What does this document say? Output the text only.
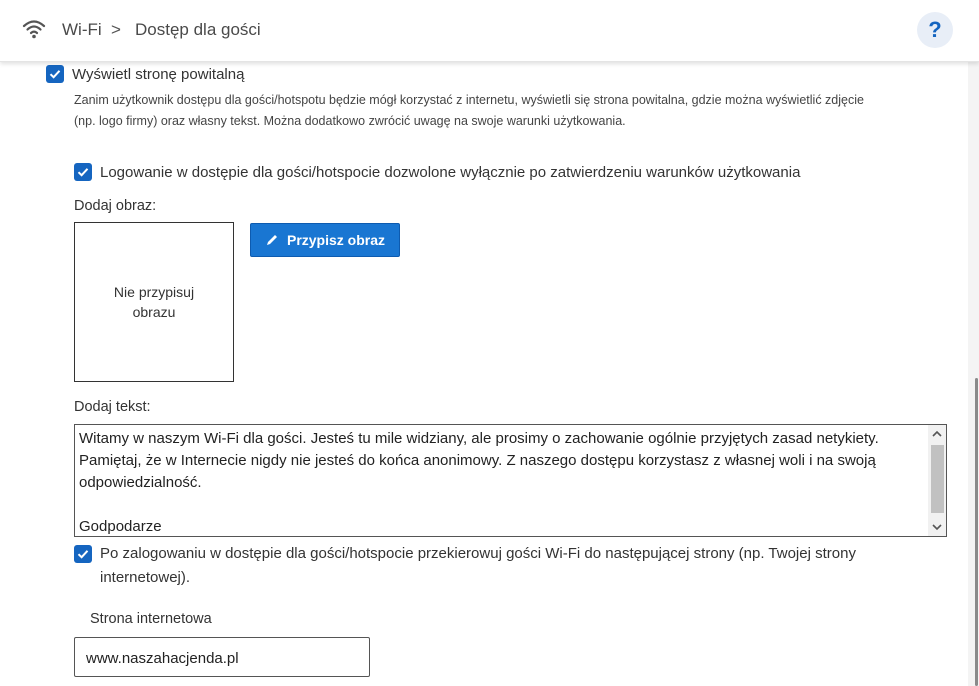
Wi-Fi > Dostęp dla gości	?
Wyświetl stronę powitalną
Zanim użytkownik dostępu dla gości/hotspotu będzie mógł korzystać z internetu, wyświetli się strona powitalna, gdzie można wyświetlić zdjęcie
(np. logo firmy) oraz własny tekst. Można dodatkowo zwrócić uwagę na swoje warunki użytkowania.
Logowanie w dostępie dla gości/hotspocie dozwolone wyłącznie po zatwierdzeniu warunków użytkowania
Dodaj obraz:
Nie przypisuj obrazu
Przypisz obraz
Dodaj tekst:
Witamy w naszym Wi-Fi dla gości. Jesteś tu mile widziany, ale prosimy o zachowanie ogólnie przyjętych zasad netykiety.
Pamiętaj, że w Internecie nigdy nie jesteś do końca anonimowy. Z naszego dostępu korzystasz z własnej woli i na swoją
odpowiedzialność.

Godpodarze
Po zalogowaniu w dostępie dla gości/hotspocie przekierowuj gości Wi-Fi do następującej strony (np. Twojej strony
internetowej).
Strona internetowa
www.naszahacjenda.pl
